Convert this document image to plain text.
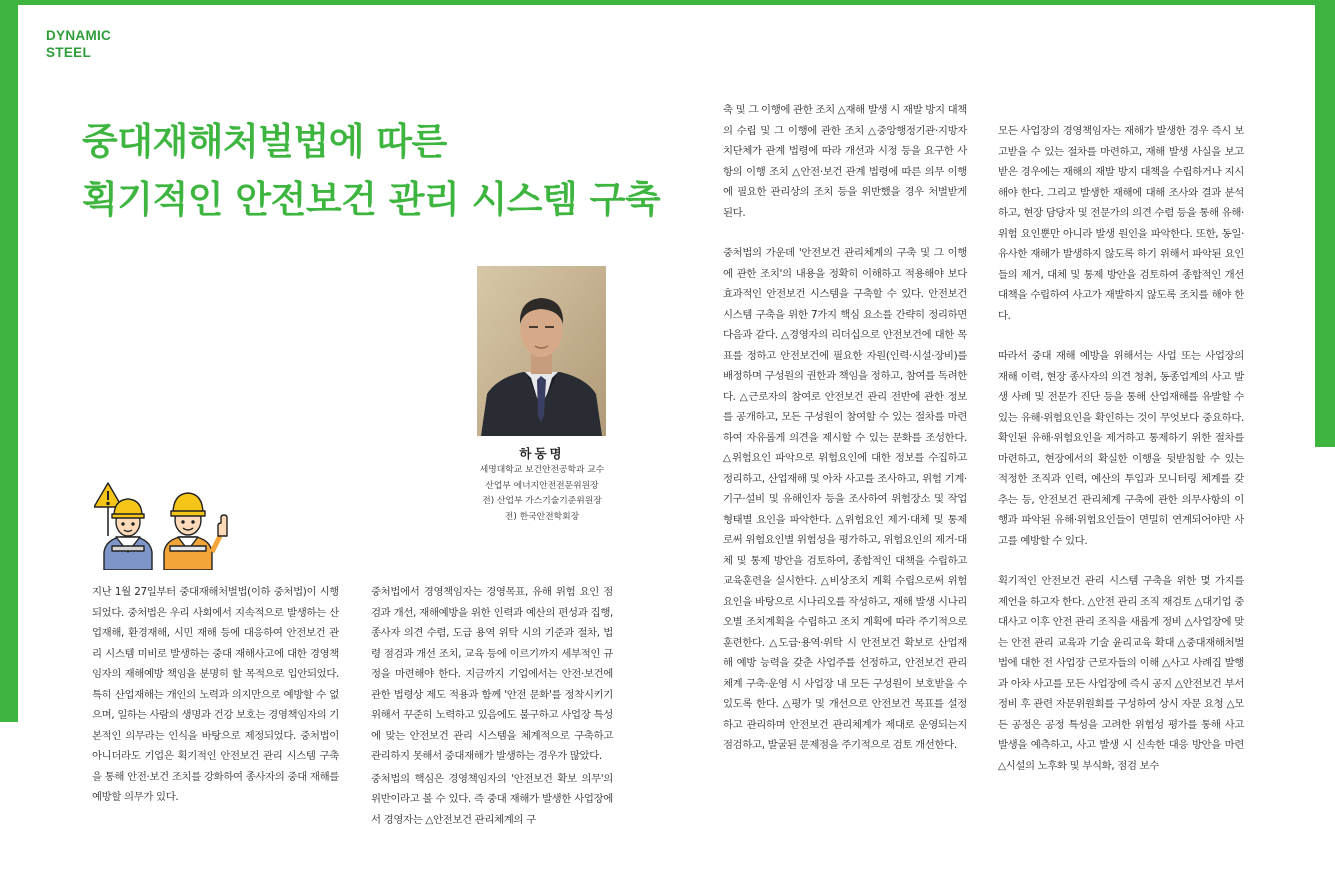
DYNAMIC
STEEL
중대재해처벌법에 따른
획기적인 안전보건 관리 시스템 구축
하동명
세명대학교 보건안전공학과 교수
산업부 에너지안전전문위원장
전) 산업부 가스기술기준위원장
전) 한국안전학회장

지난 1월 27일부터 중대재해처벌법(이하 중처법)이 시행되었다. 중처법은 우리 사회에서 지속적으로 발생하는 산업재해, 환경재해, 시민 재해 등에 대응하여 안전보건 관리 시스템 미비로 발생하는 중대 재해사고에 대한 경영책임자의 재해예방 책임을 분명히 할 목적으로 입안되었다. 특히 산업재해는 개인의 노력과 의지만으로 예방할 수 없으며, 일하는 사람의 생명과 건강 보호는 경영책임자의 기본적인 의무라는 인식을 바탕으로 제정되었다. 중처법이 아니더라도 기업은 획기적인 안전보건 관리 시스템 구축을 통해 안전·보건 조치를 강화하여 종사자의 중대 재해를 예방할 의무가 있다.

중처법에서 경영책임자는 경영목표, 유해 위험 요인 점검과 개선, 재해예방을 위한 인력과 예산의 편성과 집행, 종사자 의견 수렴, 도급 용역 위탁 시의 기준과 절차, 법령 점검과 개선 조치, 교육 등에 이르기까지 세부적인 규정을 마련해야 한다. 지금까지 기업에서는 안전·보건에 관한 법령상 제도 적용과 함께 '안전 문화'를 정착시키기 위해서 꾸준히 노력하고 있음에도 불구하고 사업장 특성에 맞는 안전보건 관리 시스템을 체계적으로 구축하고 관리하지 못해서 중대재해가 발생하는 경우가 많았다.

중처법의 핵심은 경영책임자의 '안전보건 확보 의무'의 위반이라고 볼 수 있다. 즉 중대 재해가 발생한 사업장에서 경영자는 △안전보건 관리체계의 구

축 및 그 이행에 관한 조치 △재해 발생 시 재발 방지 대책의 수립 및 그 이행에 관한 조치 △중앙행정기관·지방자치단체가 관계 법령에 따라 개선과 시정 등을 요구한 사항의 이행 조치 △안전·보건 관계 법령에 따른 의무 이행에 필요한 관리상의 조치 등을 위반했을 경우 처벌받게 된다.

중처법의 가운데 '안전보건 관리체계의 구축 및 그 이행에 관한 조치'의 내용을 정확히 이해하고 적용해야 보다 효과적인 안전보건 시스템을 구축할 수 있다. 안전보건 시스템 구축을 위한 7가지 핵심 요소를 간략히 정리하면 다음과 같다. △경영자의 리더십으로 안전보건에 대한 목표를 정하고 안전보건에 필요한 자원(인력·시설·장비)를 배정하며 구성원의 권한과 책임을 정하고, 참여를 독려한다. △근로자의 참여로 안전보건 관리 전반에 관한 정보를 공개하고, 모든 구성원이 참여할 수 있는 절차를 마련하여 자유롭게 의견을 제시할 수 있는 문화를 조성한다. △위험요인 파악으로 위험요인에 대한 정보를 수집하고 정리하고, 산업재해 및 아차 사고를 조사하고, 위험 기계·기구·설비 및 유해인자 등을 조사하여 위험장소 및 작업 형태별 요인을 파악한다. △위험요인 제거·대체 및 통제로써 위험요인별 위험성을 평가하고, 위험요인의 제거·대체 및 통제 방안을 검토하여, 종합적인 대책을 수립하고 교육훈련을 실시한다. △비상조치 계획 수립으로써 위험요인을 바탕으로 시나리오를 작성하고, 재해 발생 시나리오별 조치계획을 수립하고 조치 계획에 따라 주기적으로 훈련한다. △도급·용역·위탁 시 안전보건 확보로 산업재해 예방 능력을 갖춘 사업주를 선정하고, 안전보건 관리체계 구축·운영 시 사업장 내 모든 구성원이 보호받을 수 있도록 한다. △평가 및 개선으로 안전보건 목표를 설정하고 관리하며 안전보건 관리체계가 제대로 운영되는지 점검하고, 발굴된 문제점을 주기적으로 검토 개선한다.

모든 사업장의 경영책임자는 재해가 발생한 경우 즉시 보고받을 수 있는 절차를 마련하고, 재해 발생 사실을 보고받은 경우에는 재해의 재발 방지 대책을 수립하거나 지시해야 한다. 그리고 발생한 재해에 대해 조사와 결과 분석하고, 현장 담당자 및 전문가의 의견 수렴 등을 통해 유해·위험 요인뿐만 아니라 발생 원인을 파악한다. 또한, 동일·유사한 재해가 발생하지 않도록 하기 위해서 파악된 요인들의 제거, 대체 및 통제 방안을 검토하여 종합적인 개선대책을 수립하여 사고가 재발하지 않도록 조치를 해야 한다.

따라서 중대 재해 예방을 위해서는 사업 또는 사업장의 재해 이력, 현장 종사자의 의견 청취, 동종업계의 사고 발생 사례 및 전문가 진단 등을 통해 산업재해를 유발할 수 있는 유해·위험요인을 확인하는 것이 무엇보다 중요하다. 확인된 유해·위험요인을 제거하고 통제하기 위한 절차를 마련하고, 현장에서의 확실한 이행을 뒷받침할 수 있는 적정한 조직과 인력, 예산의 투입과 모니터링 체계를 갖추는 등, 안전보건 관리체계 구축에 관한 의무사항의 이행과 파악된 유해·위험요인들이 면밀히 연계되어야만 사고를 예방할 수 있다.

획기적인 안전보건 관리 시스템 구축을 위한 몇 가지를 제언을 하고자 한다. △안전 관리 조직 재검토 △대기업 중대사고 이후 안전 관리 조직을 새롭게 정비 △사업장에 맞는 안전 관리 교육과 기술 윤리교육 확대 △중대재해처벌법에 대한 전 사업장 근로자들의 이해 △사고 사례집 발행과 아차 사고를 모든 사업장에 즉시 공지 △안전보건 부서 정비 후 관련 자문위원회를 구성하여 상시 자문 요청 △모든 공정은 공정 특성을 고려한 위험성 평가를 통해 사고 발생을 예측하고, 사고 발생 시 신속한 대응 방안을 마련 △시설의 노후화 및 부식화, 점검 보수
